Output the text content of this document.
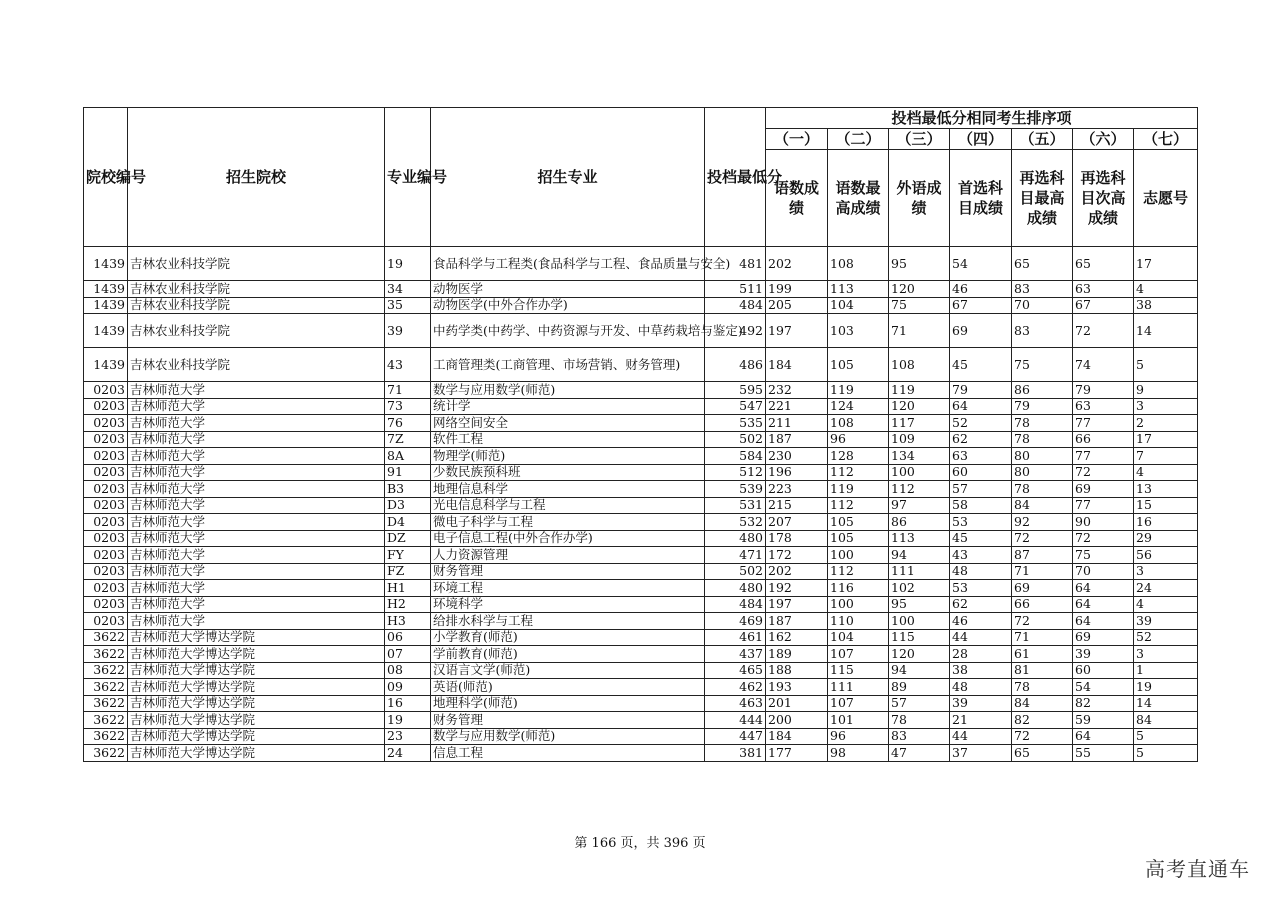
院校编号	招生院校	专业编号	招生专业	投档最低分	投档最低分相同考生排序项						
					（一）	（二）	（三）	（四）	（五）	（六）	（七）
					语数成绩	语数最高成绩	外语成绩	首选科目成绩	再选科目最高成绩	再选科目次高成绩	志愿号
1439	吉林农业科技学院	19	食品科学与工程类(食品科学与工程、食品质量与安全)	481	202	108	95	54	65	65	17
1439	吉林农业科技学院	34	动物医学	511	199	113	120	46	83	63	4
1439	吉林农业科技学院	35	动物医学(中外合作办学)	484	205	104	75	67	70	67	38
1439	吉林农业科技学院	39	中药学类(中药学、中药资源与开发、中草药栽培与鉴定)	492	197	103	71	69	83	72	14
1439	吉林农业科技学院	43	工商管理类(工商管理、市场营销、财务管理)	486	184	105	108	45	75	74	5
0203	吉林师范大学	71	数学与应用数学(师范)	595	232	119	119	79	86	79	9
0203	吉林师范大学	73	统计学	547	221	124	120	64	79	63	3
0203	吉林师范大学	76	网络空间安全	535	211	108	117	52	78	77	2
0203	吉林师范大学	7Z	软件工程	502	187	96	109	62	78	66	17
0203	吉林师范大学	8A	物理学(师范)	584	230	128	134	63	80	77	7
0203	吉林师范大学	91	少数民族预科班	512	196	112	100	60	80	72	4
0203	吉林师范大学	B3	地理信息科学	539	223	119	112	57	78	69	13
0203	吉林师范大学	D3	光电信息科学与工程	531	215	112	97	58	84	77	15
0203	吉林师范大学	D4	微电子科学与工程	532	207	105	86	53	92	90	16
0203	吉林师范大学	DZ	电子信息工程(中外合作办学)	480	178	105	113	45	72	72	29
0203	吉林师范大学	FY	人力资源管理	471	172	100	94	43	87	75	56
0203	吉林师范大学	FZ	财务管理	502	202	112	111	48	71	70	3
0203	吉林师范大学	H1	环境工程	480	192	116	102	53	69	64	24
0203	吉林师范大学	H2	环境科学	484	197	100	95	62	66	64	4
0203	吉林师范大学	H3	给排水科学与工程	469	187	110	100	46	72	64	39
3622	吉林师范大学博达学院	06	小学教育(师范)	461	162	104	115	44	71	69	52
3622	吉林师范大学博达学院	07	学前教育(师范)	437	189	107	120	28	61	39	3
3622	吉林师范大学博达学院	08	汉语言文学(师范)	465	188	115	94	38	81	60	1
3622	吉林师范大学博达学院	09	英语(师范)	462	193	111	89	48	78	54	19
3622	吉林师范大学博达学院	16	地理科学(师范)	463	201	107	57	39	84	82	14
3622	吉林师范大学博达学院	19	财务管理	444	200	101	78	21	82	59	84
3622	吉林师范大学博达学院	23	数学与应用数学(师范)	447	184	96	83	44	72	64	5
3622	吉林师范大学博达学院	24	信息工程	381	177	98	47	37	65	55	5
第 166 页，共 396 页
高考直通车
